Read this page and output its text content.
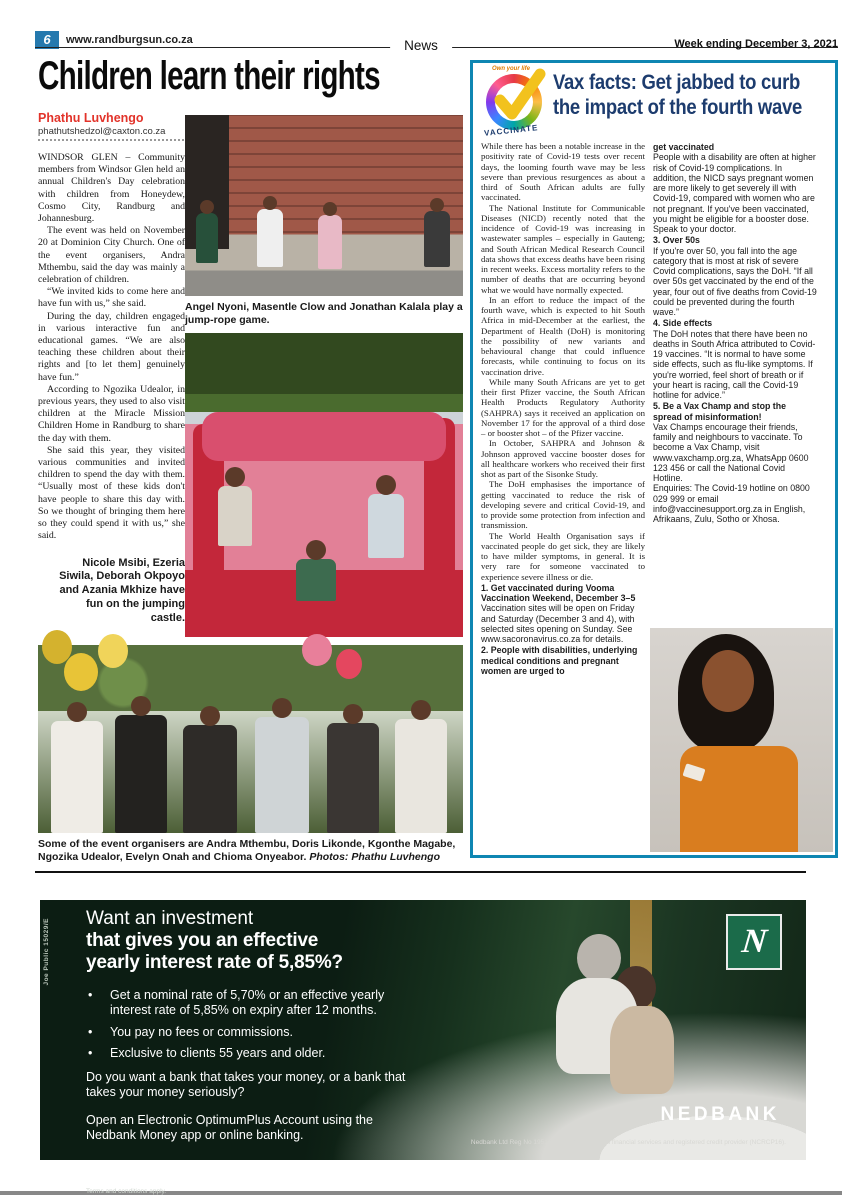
6	www.randburgsun.co.za	News	Week ending December 3, 2021
Children learn their rights
Phathu Luvhengo
phathutshedzol@caxton.co.za

WINDSOR GLEN – Community members from Windsor Glen held an annual Children's Day celebration with children from Honeydew, Cosmo City, Randburg and Johannesburg.

The event was held on November 20 at Dominion City Church. One of the event organisers, Andra Mthembu, said the day was mainly a celebration of children.

“We invited kids to come here and have fun with us,” she said.

During the day, children engaged in various interactive fun and educational games. “We are also teaching these children about their rights and [to let them] genuinely have fun.”

According to Ngozika Udealor, in previous years, they used to also visit children at the Miracle Mission Children Home in Randburg to share the day with them.

She said this year, they visited various communities and invited children to spend the day with them. “Usually most of these kids don't have people to share this day with. So we thought of bringing them here so they could spend it with us,” she said.

Nicole Msibi, Ezeria Siwila, Deborah Okpoyo and Azania Mkhize have fun on the jumping castle.
Angel Nyoni, Masentle Clow and Jonathan Kalala play a jump-rope game.
Some of the event organisers are Andra Mthembu, Doris Likonde, Kgonthe Magabe, Ngozika Udealor, Evelyn Onah and Chioma Onyeabor. Photos: Phathu Luvhengo
Own your life
VACCINATE
Vax facts: Get jabbed to curb
the impact of the fourth wave

While there has been a notable increase in the positivity rate of Covid-19 tests over recent days, the looming fourth wave may be less severe than previous resurgences as about a third of South African adults are fully vaccinated.

The National Institute for Communicable Diseases (NICD) recently noted that the incidence of Covid-19 was increasing in wastewater samples – especially in Gauteng; and South African Medical Research Council data shows that excess deaths have been rising in recent weeks. Excess mortality refers to the number of deaths that are occurring beyond what we would have normally expected.

In an effort to reduce the impact of the fourth wave, which is expected to hit South Africa in mid-December at the earliest, the Department of Health (DoH) is monitoring the possibility of new variants and behavioural change that could influence forecasts, while continuing to focus on its vaccination drive.

While many South Africans are yet to get their first Pfizer vaccine, the South African Health Products Regulatory Authority (SAHPRA) says it received an application on November 17 for the approval of a third dose – or booster shot – of the Pfizer vaccine.

In October, SAHPRA and Johnson & Johnson approved vaccine booster doses for all healthcare workers who received their first shot as part of the Sisonke Study.

The DoH emphasises the importance of getting vaccinated to reduce the risk of developing severe and critical Covid-19, and to provide some protection from infection and transmission.

The World Health Organisation says if vaccinated people do get sick, they are likely to have milder symptoms, in general. It is very rare for someone vaccinated to experience severe illness or die.

1. Get vaccinated during Vooma Vaccination Weekend, December 3–5

Vaccination sites will be open on Friday and Saturday (December 3 and 4), with selected sites opening on Sunday. See www.sacoronavirus.co.za for details.

2. People with disabilities, underlying medical conditions and pregnant women are urged to

get vaccinated

People with a disability are often at higher risk of Covid-19 complications. In addition, the NICD says pregnant women are more likely to get severely ill with Covid-19, compared with women who are not pregnant. If you've been vaccinated, you might be eligible for a booster dose. Speak to your doctor.

3. Over 50s

If you're over 50, you fall into the age category that is most at risk of severe Covid complications, says the DoH. “If all over 50s get vaccinated by the end of the year, four out of five deaths from Covid-19 could be prevented during the fourth wave.”

4. Side effects

The DoH notes that there have been no deaths in South Africa attributed to Covid-19 vaccines. “It is normal to have some side effects, such as flu-like symptoms. If you're worried, feel short of breath or if your heart is racing, call the Covid-19 hotline for advice.”

5. Be a Vax Champ and stop the spread of misinformation!

Vax Champs encourage their friends, family and neighbours to vaccinate. To become a Vax Champ, visit www.vaxchamp.org.za, WhatsApp 0600 123 456 or call the National Covid Hotline.

Enquiries: The Covid-19 hotline on 0800 029 999 or email info@vaccinesupport.org.za in English, Afrikaans, Zulu, Sotho or Xhosa.

Joe Public 15029/E	N
Want an investment
that gives you an effective
yearly interest rate of 5,85%?
• Get a nominal rate of 5,70% or an effective yearly interest rate of 5,85% on expiry after 12 months.
• You pay no fees or commissions.
• Exclusive to clients 55 years and older.
Do you want a bank that takes your money, or a bank that takes your money seriously?
Open an Electronic OptimumPlus Account using the Nedbank Money app or online banking.
see money differently
Terms and conditions apply.
NEDBANK
Nedbank Ltd Reg No 1951/000009/06. Licensed financial services and registered credit provider (NCRCP16).
